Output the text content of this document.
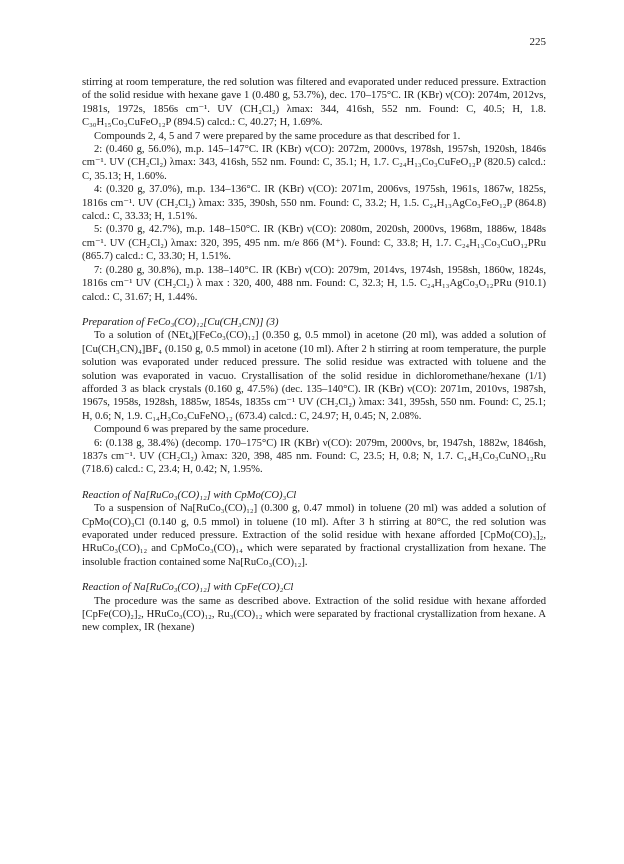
225

stirring at room temperature, the red solution was filtered and evaporated under reduced pressure. Extraction of the solid residue with hexane gave 1 (0.480 g, 53.7%), dec. 170–175°C. IR (KBr) ν(CO): 2074m, 2012vs, 1981s, 1972s, 1856s cm⁻¹. UV (CH₂Cl₂) λmax: 344, 416sh, 552 nm. Found: C, 40.5; H, 1.8. C₃₀H₁₅Co₃CuFeO₁₂P (894.5) calcd.: C, 40.27; H, 1.69%.

Compounds 2, 4, 5 and 7 were prepared by the same procedure as that described for 1.

2: (0.460 g, 56.0%), m.p. 145–147°C. IR (KBr) ν(CO): 2072m, 2000vs, 1978sh, 1957sh, 1920sh, 1846s cm⁻¹. UV (CH₂Cl₂) λmax: 343, 416sh, 552 nm. Found: C, 35.1; H, 1.7. C₂₄H₁₃Co₃CuFeO₁₂P (820.5) calcd.: C, 35.13; H, 1.60%.

4: (0.320 g, 37.0%), m.p. 134–136°C. IR (KBr) ν(CO): 2071m, 2006vs, 1975sh, 1961s, 1867w, 1825s, 1816s cm⁻¹. UV (CH₂Cl₂) λmax: 335, 390sh, 550 nm. Found: C, 33.2; H, 1.5. C₂₄H₁₃AgCo₃FeO₁₂P (864.8) calcd.: C, 33.33; H, 1.51%.

5: (0.370 g, 42.7%), m.p. 148–150°C. IR (KBr) ν(CO): 2080m, 2020sh, 2000vs, 1968m, 1886w, 1848s cm⁻¹. UV (CH₂Cl₂) λmax: 320, 395, 495 nm. m/e 866 (M⁺). Found: C, 33.8; H, 1.7. C₂₄H₁₃Co₃CuO₁₂PRu (865.7) calcd.: C, 33.30; H, 1.51%.

7: (0.280 g, 30.8%), m.p. 138–140°C. IR (KBr) ν(CO): 2079m, 2014vs, 1974sh, 1958sh, 1860w, 1824s, 1816s cm⁻¹ UV (CH₂Cl₂) λ max : 320, 400, 488 nm. Found: C, 32.3; H, 1.5. C₂₄H₁₃AgCo₃O₁₂PRu (910.1) calcd.: C, 31.67; H, 1.44%.

Preparation of FeCo₃(CO)₁₂[Cu(CH₃CN)] (3)

To a solution of (NEt₄)[FeCo₃(CO)₁₂] (0.350 g, 0.5 mmol) in acetone (20 ml), was added a solution of [Cu(CH₃CN)₄]BF₄ (0.150 g, 0.5 mmol) in acetone (10 ml). After 2 h stirring at room temperature, the purple solution was evaporated under reduced pressure. The solid residue was extracted with toluene and the solution was evaporated in vacuo. Crystallisation of the solid residue in dichloromethane/hexane (1/1) afforded 3 as black crystals (0.160 g, 47.5%) (dec. 135–140°C). IR (KBr) ν(CO): 2071m, 2010vs, 1987sh, 1967s, 1958s, 1928sh, 1885w, 1854s, 1835s cm⁻¹ UV (CH₂Cl₂) λmax: 341, 395sh, 550 nm. Found: C, 25.1; H, 0.6; N, 1.9. C₁₄H₃Co₃CuFeNO₁₂ (673.4) calcd.: C, 24.97; H, 0.45; N, 2.08%.

Compound 6 was prepared by the same procedure.

6: (0.138 g, 38.4%) (decomp. 170–175°C) IR (KBr) ν(CO): 2079m, 2000vs, br, 1947sh, 1882w, 1846sh, 1837s cm⁻¹. UV (CH₂Cl₂) λmax: 320, 398, 485 nm. Found: C, 23.5; H, 0.8; N, 1.7. C₁₄H₃Co₃CuNO₁₂Ru (718.6) calcd.: C, 23.4; H, 0.42; N, 1.95%.

Reaction of Na[RuCo₃(CO)₁₂] with CpMo(CO)₃Cl

To a suspension of Na[RuCo₃(CO)₁₂] (0.300 g, 0.47 mmol) in toluene (20 ml) was added a solution of CpMo(CO)₃Cl (0.140 g, 0.5 mmol) in toluene (10 ml). After 3 h stirring at 80°C, the red solution was evaporated under reduced pressure. Extraction of the solid residue with hexane afforded [CpMo(CO)₃]₂, HRuCo₃(CO)₁₂ and CpMoCo₃(CO)₁₄ which were separated by fractional crystallization from hexane. The insoluble fraction contained some Na[RuCo₃(CO)₁₂].

Reaction of Na[RuCo₃(CO)₁₂] with CpFe(CO)₂Cl

The procedure was the same as described above. Extraction of the solid residue with hexane afforded [CpFe(CO)₂]₂, HRuCo₃(CO)₁₂, Ru₃(CO)₁₂ which were separated by fractional crystallization from hexane. A new complex, IR (hexane)
